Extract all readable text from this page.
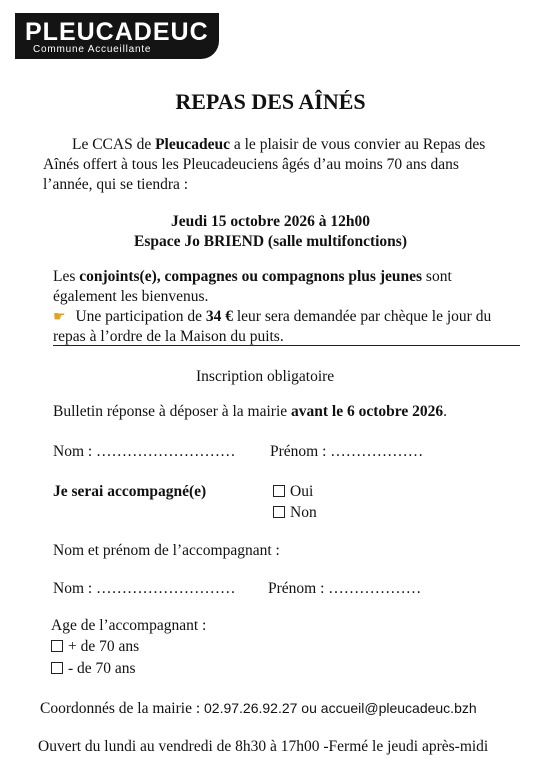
PLEUCADEUC
Commune Accueillante
REPAS DES AÎNÉS
Le CCAS de Pleucadeuc a le plaisir de vous convier au Repas des
Aînés offert à tous les Pleucadeuciens âgés d’au moins 70 ans dans
l’année, qui se tiendra :
Jeudi 15 octobre 2026 à 12h00
Espace Jo BRIEND (salle multifonctions)
Les conjoints(e), compagnes ou compagnons plus jeunes sont
également les bienvenus.
☛ Une participation de 34 € leur sera demandée par chèque le jour du
repas à l’ordre de la Maison du puits.
Inscription obligatoire
Bulletin réponse à déposer à la mairie avant le 6 octobre 2026.
Nom : ……………………… Prénom : ………………
Je serai accompagné(e)	Oui
Non
Nom et prénom de l’accompagnant :
Nom : ……………………… Prénom : ………………
Age de l’accompagnant :
+ de 70 ans
- de 70 ans
Coordonnés de la mairie : 02.97.26.92.27 ou accueil@pleucadeuc.bzh
Ouvert du lundi au vendredi de 8h30 à 17h00 -Fermé le jeudi après-midi
